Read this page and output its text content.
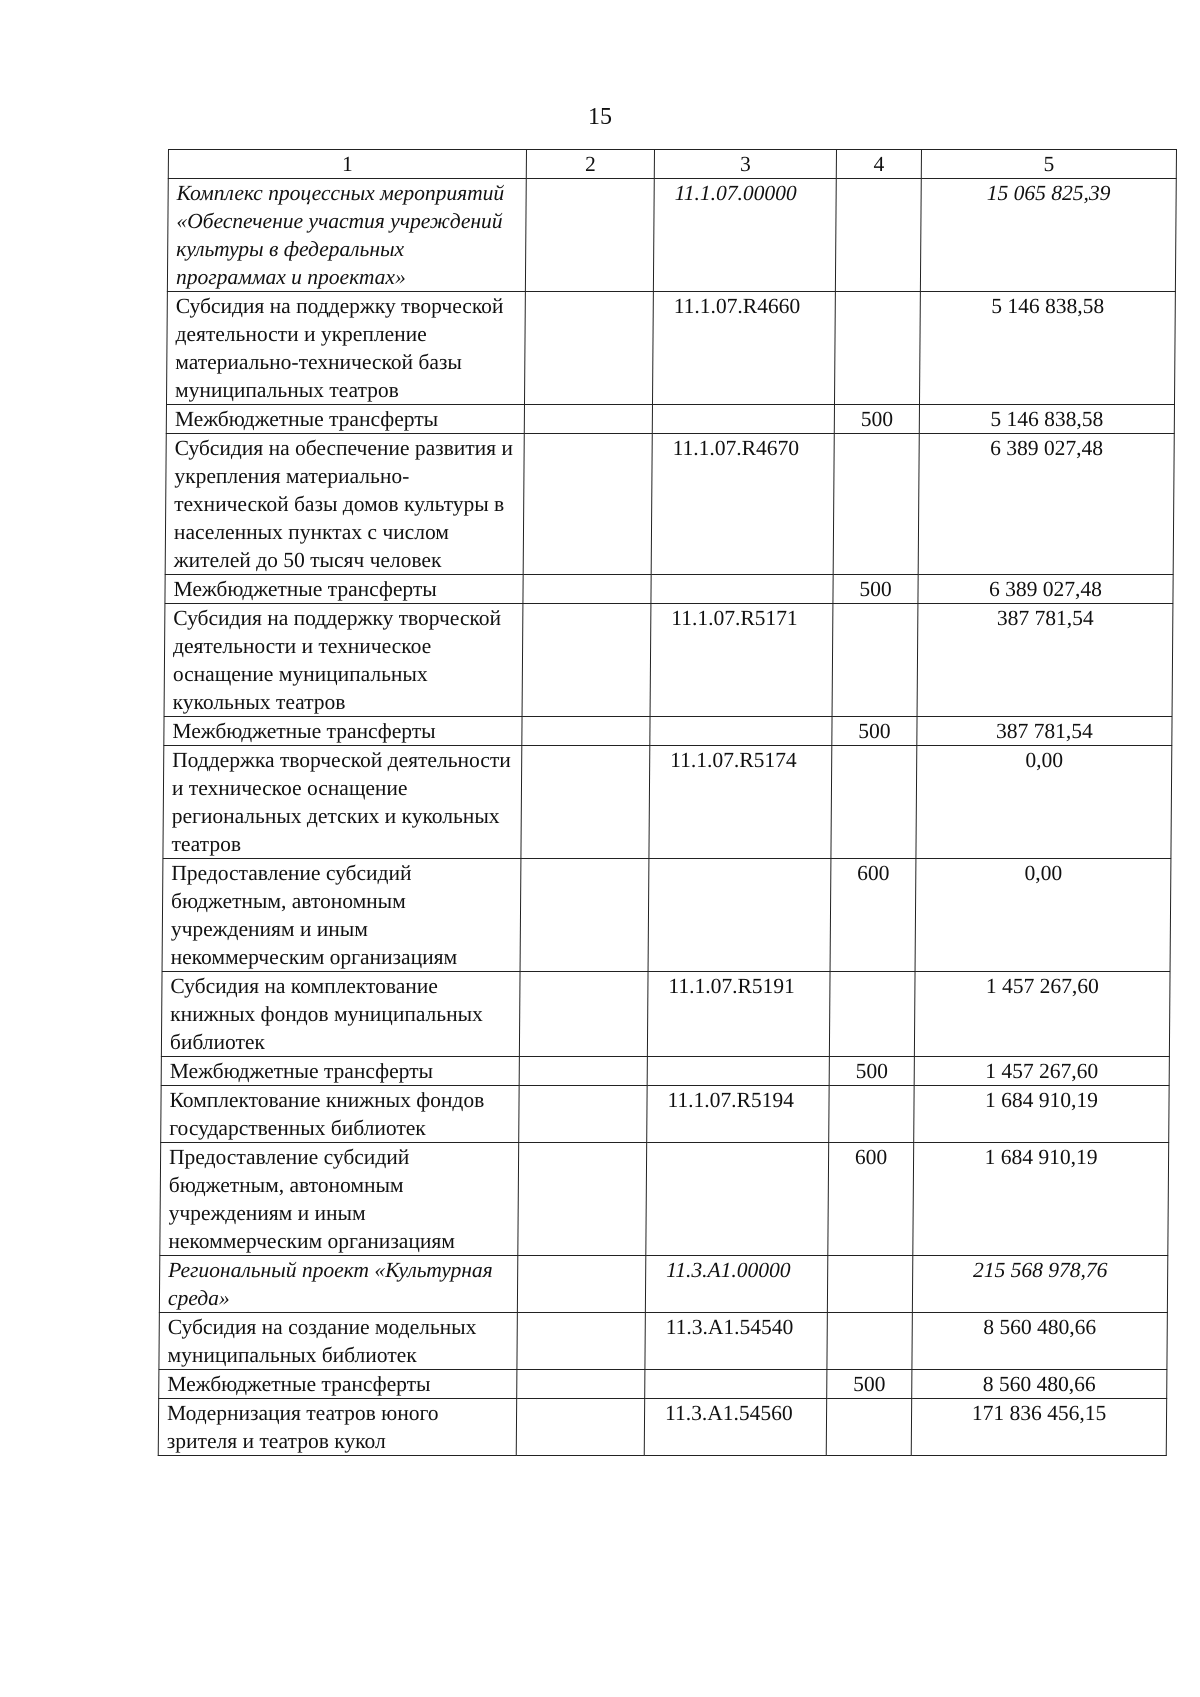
15
1	2	3	4	5
Комплекс процессных мероприятий «Обеспечение участия учреждений культуры в федеральных программах и проектах»		11.1.07.00000		15 065 825,39
Субсидия на поддержку творческой деятельности и укрепление материально-технической базы муниципальных театров		11.1.07.R4660		5 146 838,58
Межбюджетные трансферты			500	5 146 838,58
Субсидия на обеспечение развития и укрепления материально-технической базы домов культуры в населенных пунктах с числом жителей до 50 тысяч человек		11.1.07.R4670		6 389 027,48
Межбюджетные трансферты			500	6 389 027,48
Субсидия на поддержку творческой деятельности и техническое оснащение муниципальных кукольных театров		11.1.07.R5171		387 781,54
Межбюджетные трансферты			500	387 781,54
Поддержка творческой деятельности и техническое оснащение региональных детских и кукольных театров		11.1.07.R5174		0,00
Предоставление субсидий бюджетным, автономным учреждениям и иным некоммерческим организациям			600	0,00
Субсидия на комплектование книжных фондов муниципальных библиотек		11.1.07.R5191		1 457 267,60
Межбюджетные трансферты			500	1 457 267,60
Комплектование книжных фондов государственных библиотек		11.1.07.R5194		1 684 910,19
Предоставление субсидий бюджетным, автономным учреждениям и иным некоммерческим организациям			600	1 684 910,19
Региональный проект «Культурная среда»		11.3.А1.00000		215 568 978,76
Субсидия на создание модельных муниципальных библиотек		11.3.А1.54540		8 560 480,66
Межбюджетные трансферты			500	8 560 480,66
Модернизация театров юного зрителя и театров кукол		11.3.А1.54560		171 836 456,15
